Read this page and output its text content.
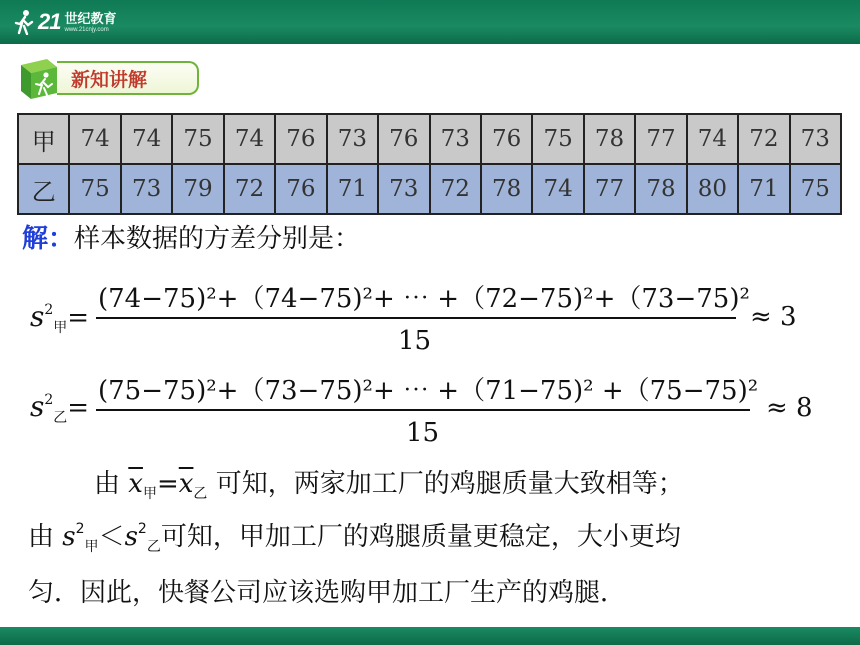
21 世纪教育
www.21cnjy.com
新知讲解
甲	74	74	75	74	76	73	76	73	76	75	78	77	74	72	73
乙	75	73	79	72	76	71	73	72	78	74	77	78	80	71	75
解：样本数据的方差分别是：
$s^2_甲=$
(74−75)²+（74−75)²+ ⋯ +（72−75)²+（73−75)²
15
≈ 3
$s^2_乙=$
(75−75)²+（73−75)²+ ⋯ +（71−75)² +（75−75)²
15
≈ 8
由 $\overline{x}_甲=\overline{x}_乙$ 可知，两家加工厂的鸡腿质量大致相等；
由 $s^2_甲<s^2_乙$可知，甲加工厂的鸡腿质量更稳定，大小更均
匀．因此，快餐公司应该选购甲加工厂生产的鸡腿．
